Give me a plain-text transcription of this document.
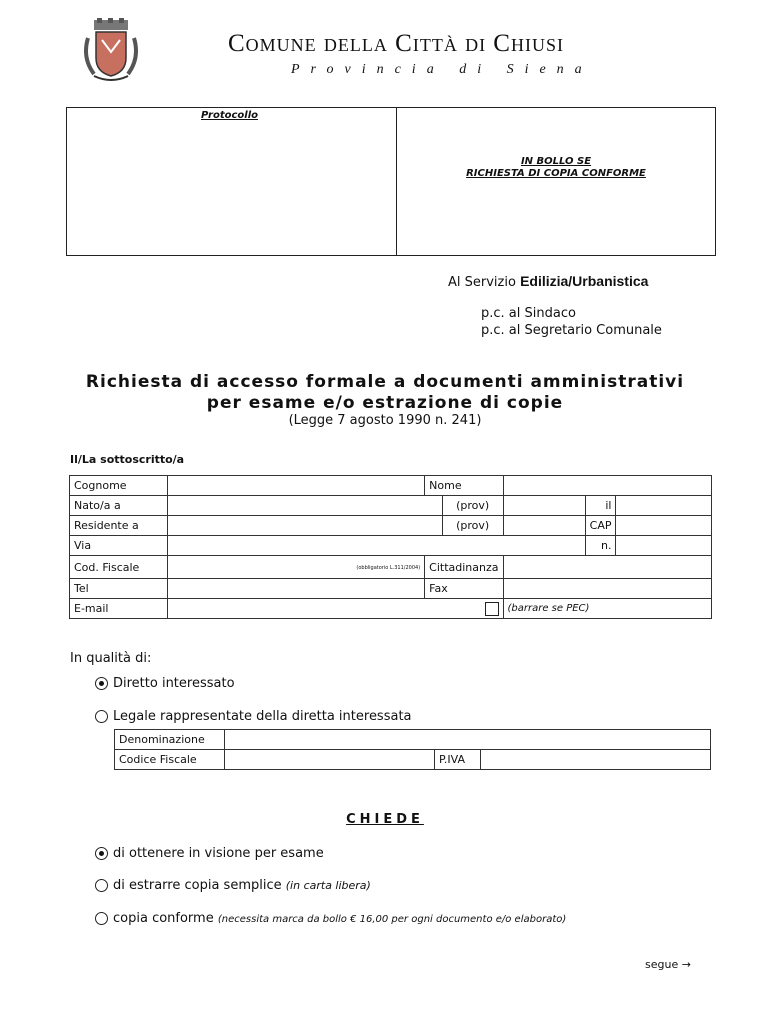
Comune della Città di Chiusi
Provincia di Siena
Protocollo
IN BOLLO SE
RICHIESTA DI COPIA CONFORME
Al Servizio Edilizia/Urbanistica
p.c. al Sindaco
p.c. al Segretario Comunale
Richiesta di accesso formale a documenti amministrativi
per esame e/o estrazione di copie
(Legge 7 agosto 1990 n. 241)
Il/La sottoscritto/a
Cognome		Nome				
Nato/a a			(prov)		il	
Residente a			(prov)		CAP	
Via					n.	
Cod. Fiscale	(obbligatorio L.311/2004)	Cittadinanza				
Tel		Fax				
E-mail				(barrare se PEC)		
In qualità di:
Diretto interessato
Legale rappresentate della diretta interessata
Denominazione			
Codice Fiscale		P.IVA	
CHIEDE
di ottenere in visione per esame
di estrarre copia semplice (in carta libera)
copia conforme (necessita marca da bollo € 16,00 per ogni documento e/o elaborato)
segue →
